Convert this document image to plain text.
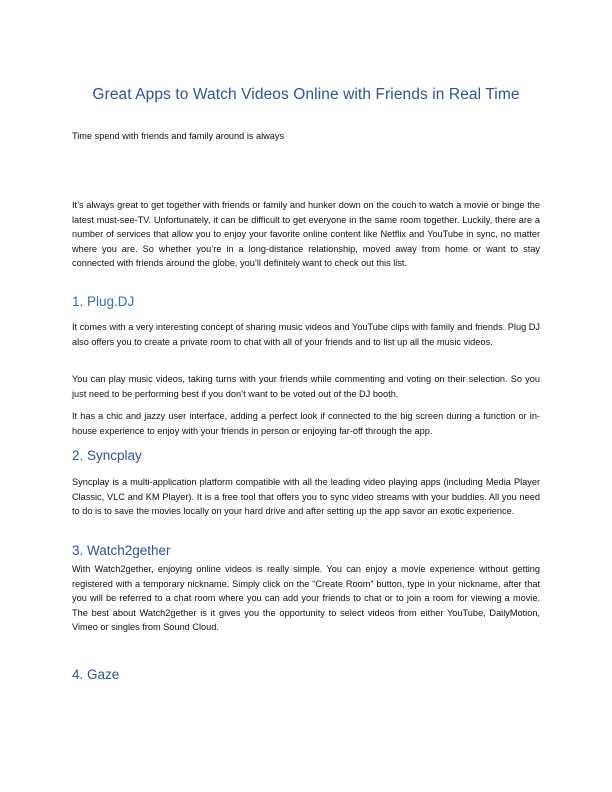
Great Apps to Watch Videos Online with Friends in Real Time
Time spend with friends and family around is always

It’s always great to get together with friends or family and hunker down on the couch to watch a movie or binge the latest must-see-TV. Unfortunately, it can be difficult to get everyone in the same room together. Luckily, there are a number of services that allow you to enjoy your favorite online content like Netflix and YouTube in sync, no matter where you are. So whether you’re in a long-distance relationship, moved away from home or want to stay connected with friends around the globe, you’ll definitely want to check out this list.

1. Plug.DJ

It comes with a very interesting concept of sharing music videos and YouTube clips with family and friends. Plug DJ also offers you to create a private room to chat with all of your friends and to list up all the music videos.

You can play music videos, taking turns with your friends while commenting and voting on their selection. So you just need to be performing best if you don’t want to be voted out of the DJ booth.

It has a chic and jazzy user interface, adding a perfect look if connected to the big screen during a function or in-house experience to enjoy with your friends in person or enjoying far-off through the app.

2. Syncplay

Syncplay is a multi-application platform compatible with all the leading video playing apps (including Media Player Classic, VLC and KM Player). It is a free tool that offers you to sync video streams with your buddies. All you need to do is to save the movies locally on your hard drive and after setting up the app savor an exotic experience.

3. Watch2gether

With Watch2gether, enjoying online videos is really simple. You can enjoy a movie experience without getting registered with a temporary nickname. Simply click on the “Create Room” button, type in your nickname, after that you will be referred to a chat room where you can add your friends to chat or to join a room for viewing a movie. The best about Watch2gether is it gives you the opportunity to select videos from either YouTube, DailyMotion, Vimeo or singles from Sound Cloud.

4. Gaze
